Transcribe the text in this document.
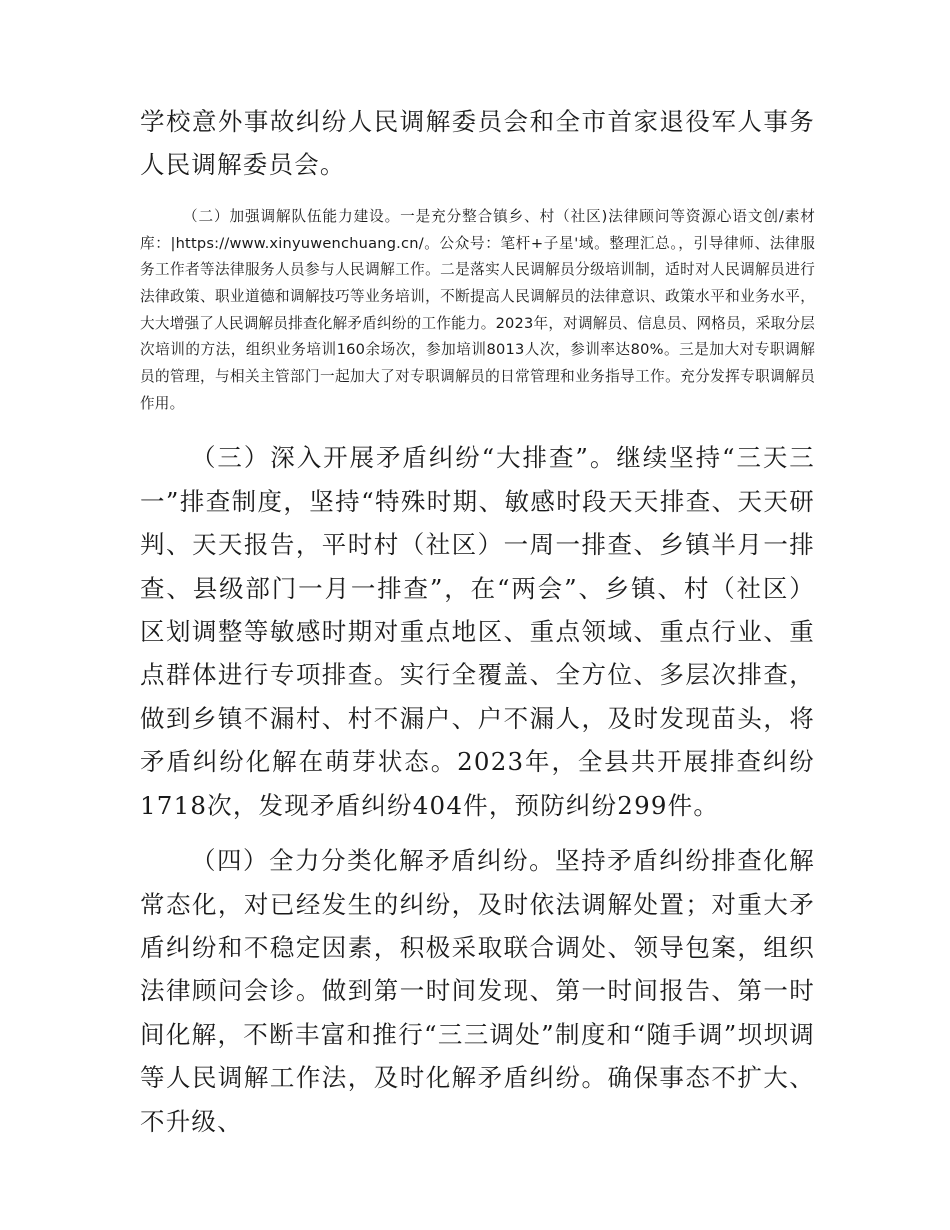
学校意外事故纠纷人民调解委员会和全市首家退役军人事务人民调解委员会。

（二）加强调解队伍能力建设。一是充分整合镇乡、村（社区)法律顾问等资源心语文创/素材库：|https://www.xinyuwenchuang.cn/。公众号：笔杆+子星'域。整理汇总。，引导律师、法律服务工作者等法律服务人员参与人民调解工作。二是落实人民调解员分级培训制，适时对人民调解员进行法律政策、职业道德和调解技巧等业务培训，不断提高人民调解员的法律意识、政策水平和业务水平，大大增强了人民调解员排查化解矛盾纠纷的工作能力。2023年，对调解员、信息员、网格员，采取分层次培训的方法，组织业务培训160余场次，参加培训8013人次，参训率达80%。三是加大对专职调解员的管理，与相关主管部门一起加大了对专职调解员的日常管理和业务指导工作。充分发挥专职调解员作用。

（三）深入开展矛盾纠纷“大排查”。继续坚持“三天三一”排查制度，坚持“特殊时期、敏感时段天天排查、天天研判、天天报告，平时村（社区）一周一排查、乡镇半月一排查、县级部门一月一排查”，在“两会”、乡镇、村（社区）区划调整等敏感时期对重点地区、重点领域、重点行业、重点群体进行专项排查。实行全覆盖、全方位、多层次排查，做到乡镇不漏村、村不漏户、户不漏人，及时发现苗头，将矛盾纠纷化解在萌芽状态。2023年，全县共开展排查纠纷1718次，发现矛盾纠纷404件，预防纠纷299件。

（四）全力分类化解矛盾纠纷。坚持矛盾纠纷排查化解常态化，对已经发生的纠纷，及时依法调解处置；对重大矛盾纠纷和不稳定因素，积极采取联合调处、领导包案，组织法律顾问会诊。做到第一时间发现、第一时间报告、第一时间化解，不断丰富和推行“三三调处”制度和“随手调”坝坝调等人民调解工作法，及时化解矛盾纠纷。确保事态不扩大、不升级、
